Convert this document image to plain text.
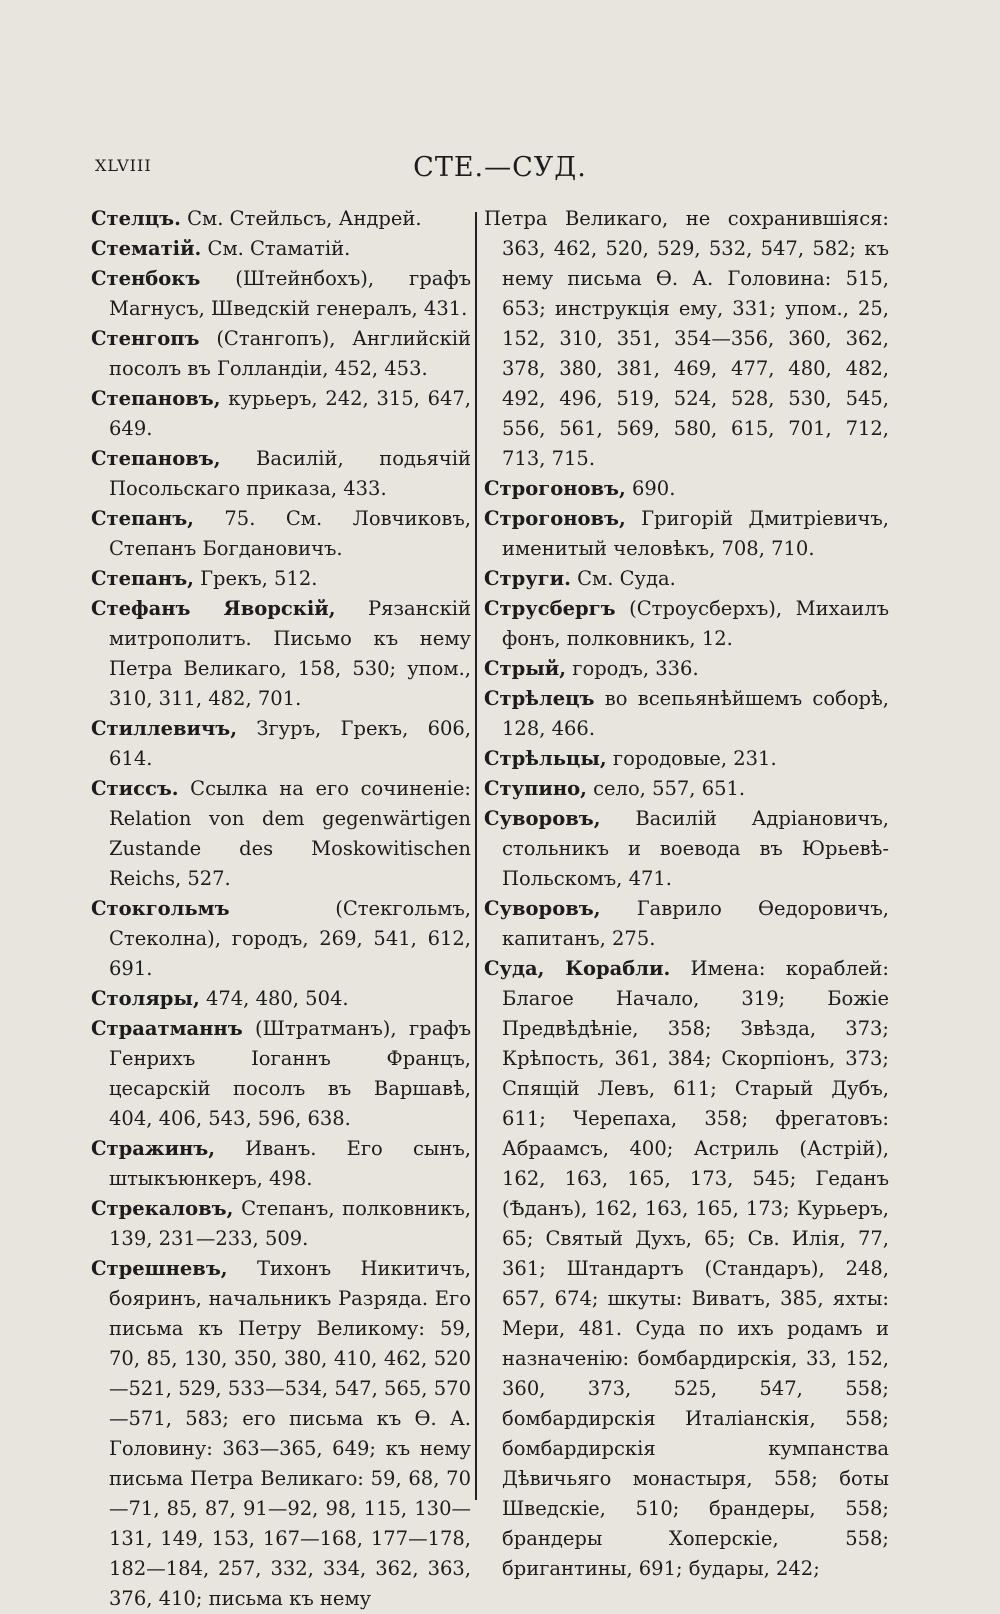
XLVIII	СТЕ.—СУД.

Стелцъ. См. Стейльсъ, Андрей.

Стематій. См. Стаматій.

Стенбокъ (Штейнбохъ), графъ Магнусъ, Шведскій генералъ, 431.

Стенгопъ (Стангопъ), Английскій посолъ въ Голландіи, 452, 453.

Степановъ, курьеръ, 242, 315, 647, 649.

Степановъ, Василій, подьячій Посольскаго приказа, 433.

Степанъ, 75. См. Ловчиковъ, Степанъ Богдановичъ.

Степанъ, Грекъ, 512.

Стефанъ Яворскій, Рязанскій митрополитъ. Письмо къ нему Петра Великаго, 158, 530; упом., 310, 311, 482, 701.

Стиллевичъ, Згуръ, Грекъ, 606, 614.

Стиссъ. Ссылка на его сочиненіе: Relation von dem gegenwärtigen Zustande des Moskowitischen Reichs, 527.

Стокгольмъ (Стекгольмъ, Стеколна), городъ, 269, 541, 612, 691.

Столяры, 474, 480, 504.

Страатманнъ (Штратманъ), графъ Генрихъ Іоганнъ Францъ, цесарскій посолъ въ Варшавѣ, 404, 406, 543, 596, 638.

Стражинъ, Иванъ. Его сынъ, штыкъюнкеръ, 498.

Стрекаловъ, Степанъ, полковникъ, 139, 231—233, 509.

Стрешневъ, Тихонъ Никитичъ, бояринъ, начальникъ Разряда. Его письма къ Петру Великому: 59, 70, 85, 130, 350, 380, 410, 462, 520—521, 529, 533—534, 547, 565, 570—571, 583; его письма къ Ѳ. А. Головину: 363—365, 649; къ нему письма Петра Великаго: 59, 68, 70—71, 85, 87, 91—92, 98, 115, 130—131, 149, 153, 167—168, 177—178, 182—184, 257, 332, 334, 362, 363, 376, 410; письма къ нему

Петра Великаго, не сохранившіяся: 363, 462, 520, 529, 532, 547, 582; къ нему письма Ѳ. А. Головина: 515, 653; инструкція ему, 331; упом., 25, 152, 310, 351, 354—356, 360, 362, 378, 380, 381, 469, 477, 480, 482, 492, 496, 519, 524, 528, 530, 545, 556, 561, 569, 580, 615, 701, 712, 713, 715.

Строгоновъ, 690.

Строгоновъ, Григорій Дмитріевичъ, именитый человѣкъ, 708, 710.

Струги. См. Суда.

Струсбергъ (Строусберхъ), Михаилъ фонъ, полковникъ, 12.

Стрый, городъ, 336.

Стрѣлецъ во всепьянѣйшемъ соборѣ, 128, 466.

Стрѣльцы, городовые, 231.

Ступино, село, 557, 651.

Суворовъ, Василій Адріановичъ, стольникъ и воевода въ Юрьевѣ-Польскомъ, 471.

Суворовъ, Гаврило Ѳедоровичъ, капитанъ, 275.

Суда, Корабли. Имена: кораблей: Благое Начало, 319; Божіе Предвѣдѣніе, 358; Звѣзда, 373; Крѣпость, 361, 384; Скорпіонъ, 373; Спящій Левъ, 611; Старый Дубъ, 611; Черепаха, 358; фрегатовъ: Абраамсъ, 400; Астриль (Астрій), 162, 163, 165, 173, 545; Геданъ (Ѣданъ), 162, 163, 165, 173; Курьеръ, 65; Святый Духъ, 65; Св. Илія, 77, 361; Штандартъ (Стандаръ), 248, 657, 674; шкуты: Виватъ, 385, яхты: Мери, 481. Суда по ихъ родамъ и назначенію: бомбардирскія, 33, 152, 360, 373, 525, 547, 558; бомбардирскія Италіанскія, 558; бомбардирскія кумпанства Дѣвичьяго монастыря, 558; боты Шведскіе, 510; брандеры, 558; брандеры Хоперскіе, 558; бригантины, 691; будары, 242;
